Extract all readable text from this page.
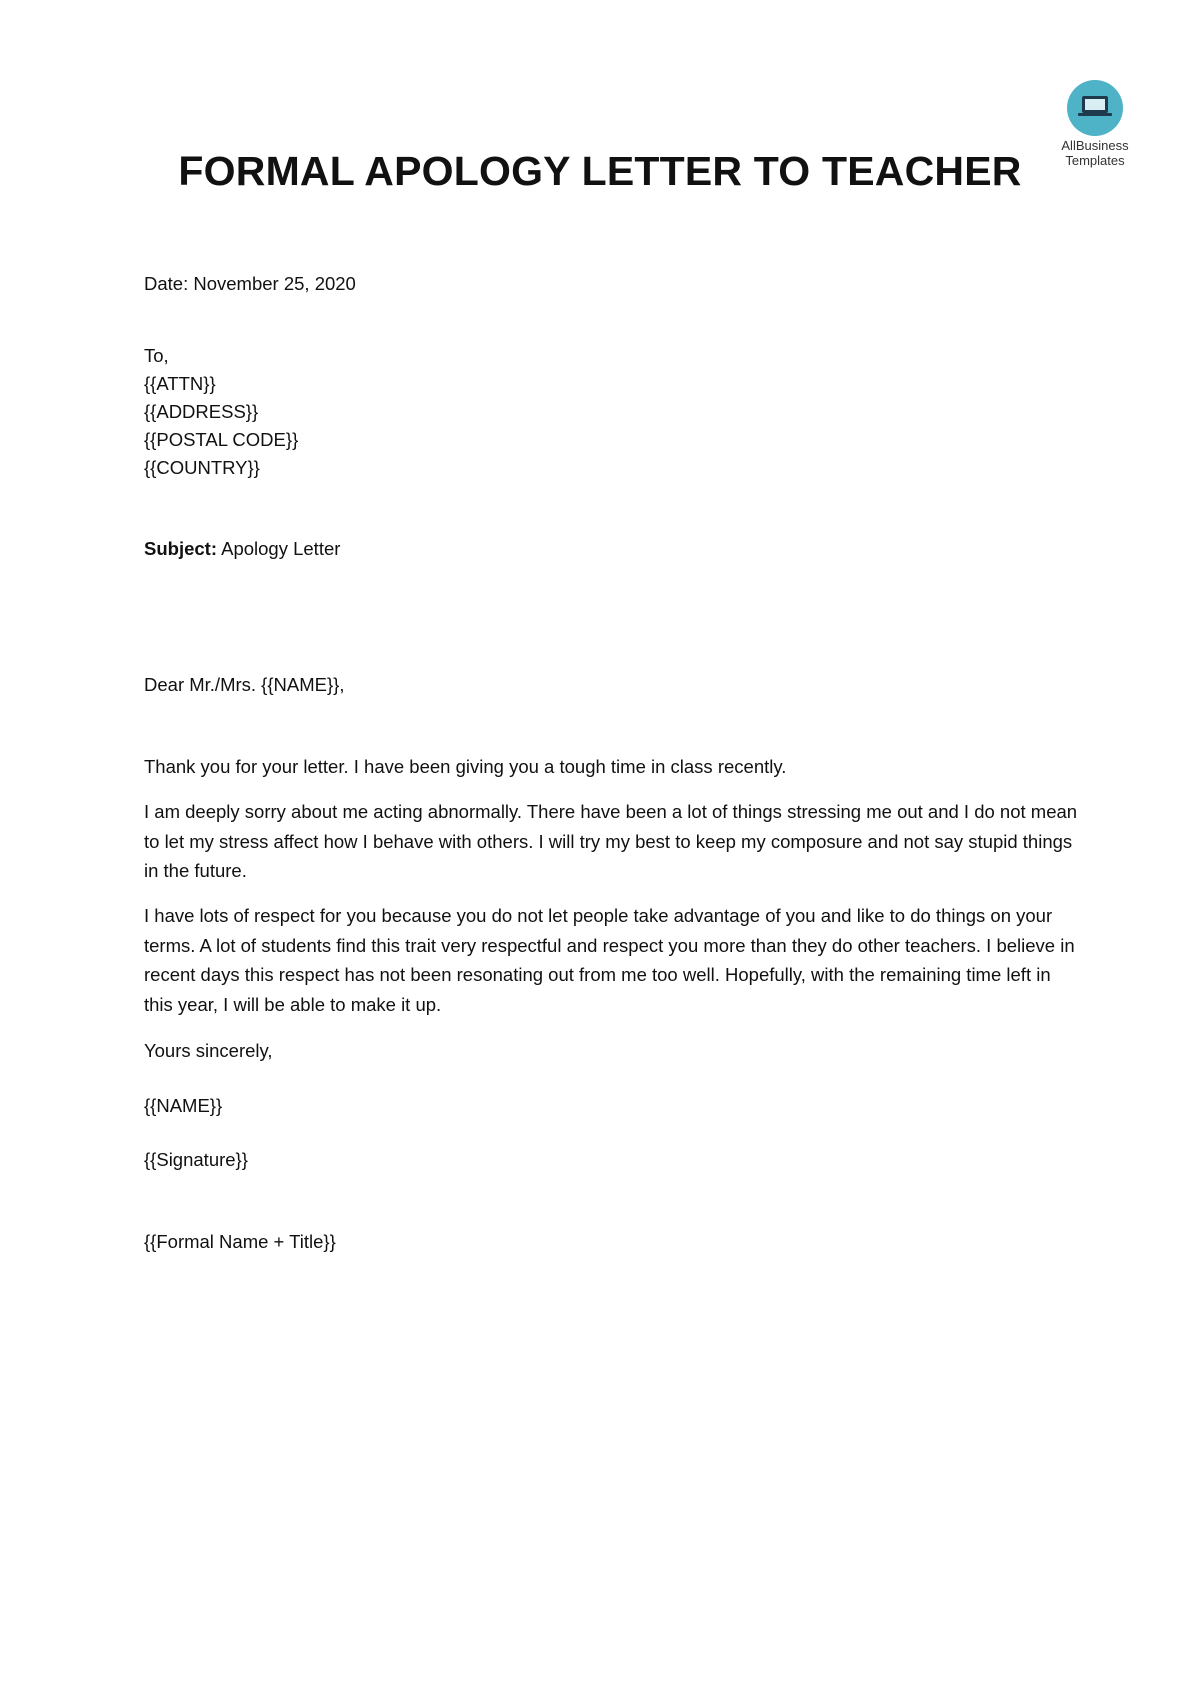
AllBusiness
Templates
FORMAL APOLOGY LETTER TO TEACHER
Date: November 25, 2020
To,
{{ATTN}}
{{ADDRESS}}
{{POSTAL CODE}}
{{COUNTRY}}
Subject: Apology Letter
Dear Mr./Mrs. {{NAME}},

Thank you for your letter. I have been giving you a tough time in class recently.

I am deeply sorry about me acting abnormally. There have been a lot of things stressing me out and I do not mean to let my stress affect how I behave with others. I will try my best to keep my composure and not say stupid things in the future.

I have lots of respect for you because you do not let people take advantage of you and like to do things on your terms. A lot of students find this trait very respectful and respect you more than they do other teachers. I believe in recent days this respect has not been resonating out from me too well. Hopefully, with the remaining time left in this year, I will be able to make it up.

Yours sincerely,
{{NAME}}
{{Signature}}
{{Formal Name + Title}}
